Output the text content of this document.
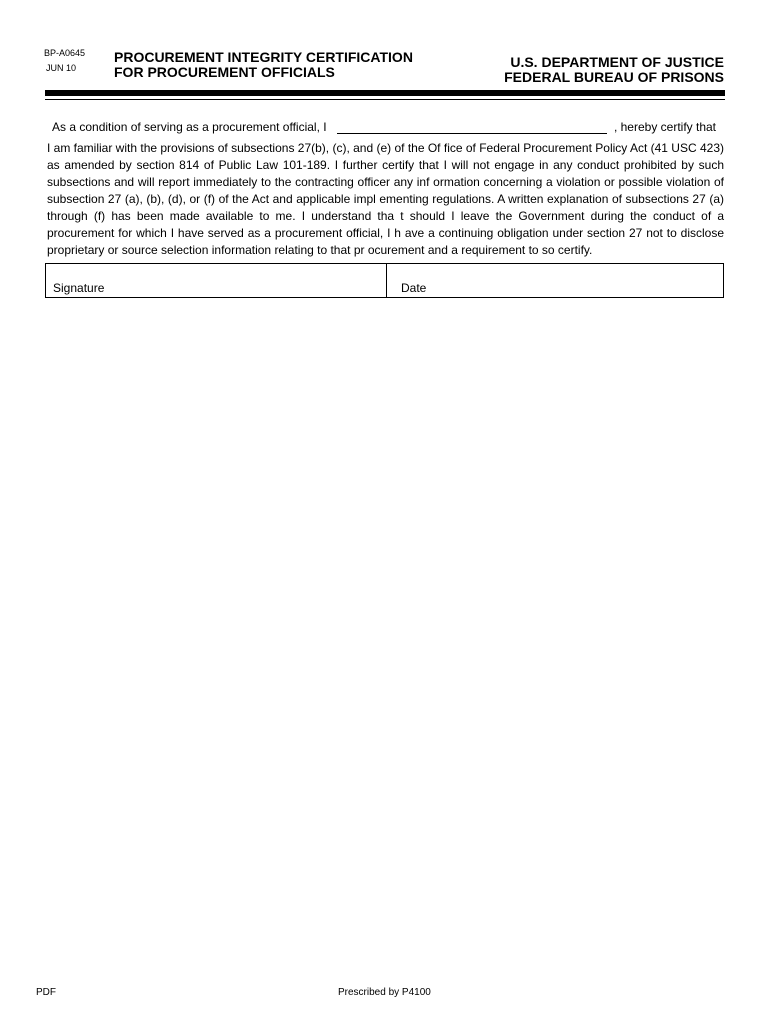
BP-A0645
JUN 10
PROCUREMENT INTEGRITY CERTIFICATION
FOR PROCUREMENT OFFICIALS
U.S. DEPARTMENT OF JUSTICE
FEDERAL BUREAU OF PRISONS
As a condition of serving as a procurement official, I	, hereby certify that
I am familiar with the provisions of subsections 27(b), (c), and (e) of the Of fice of Federal Procurement Policy Act (41 USC 423) as amended by section 814 of Public Law 101-189. I further certify that I will not engage in any conduct prohibited by such subsections and will report immediately to the contracting officer any inf ormation concerning a violation or possible violation of subsection 27 (a), (b), (d), or (f) of the Act and applicable impl ementing regulations. A written explanation of subsections 27 (a) through (f) has been made available to me. I understand tha t should I leave the Government during the conduct of a procurement for which I have served as a procurement official, I h ave a continuing obligation under section 27 not to disclose proprietary or source selection information relating to that pr ocurement and a requirement to so certify.
Signature	Date
PDF	Prescribed by P4100
